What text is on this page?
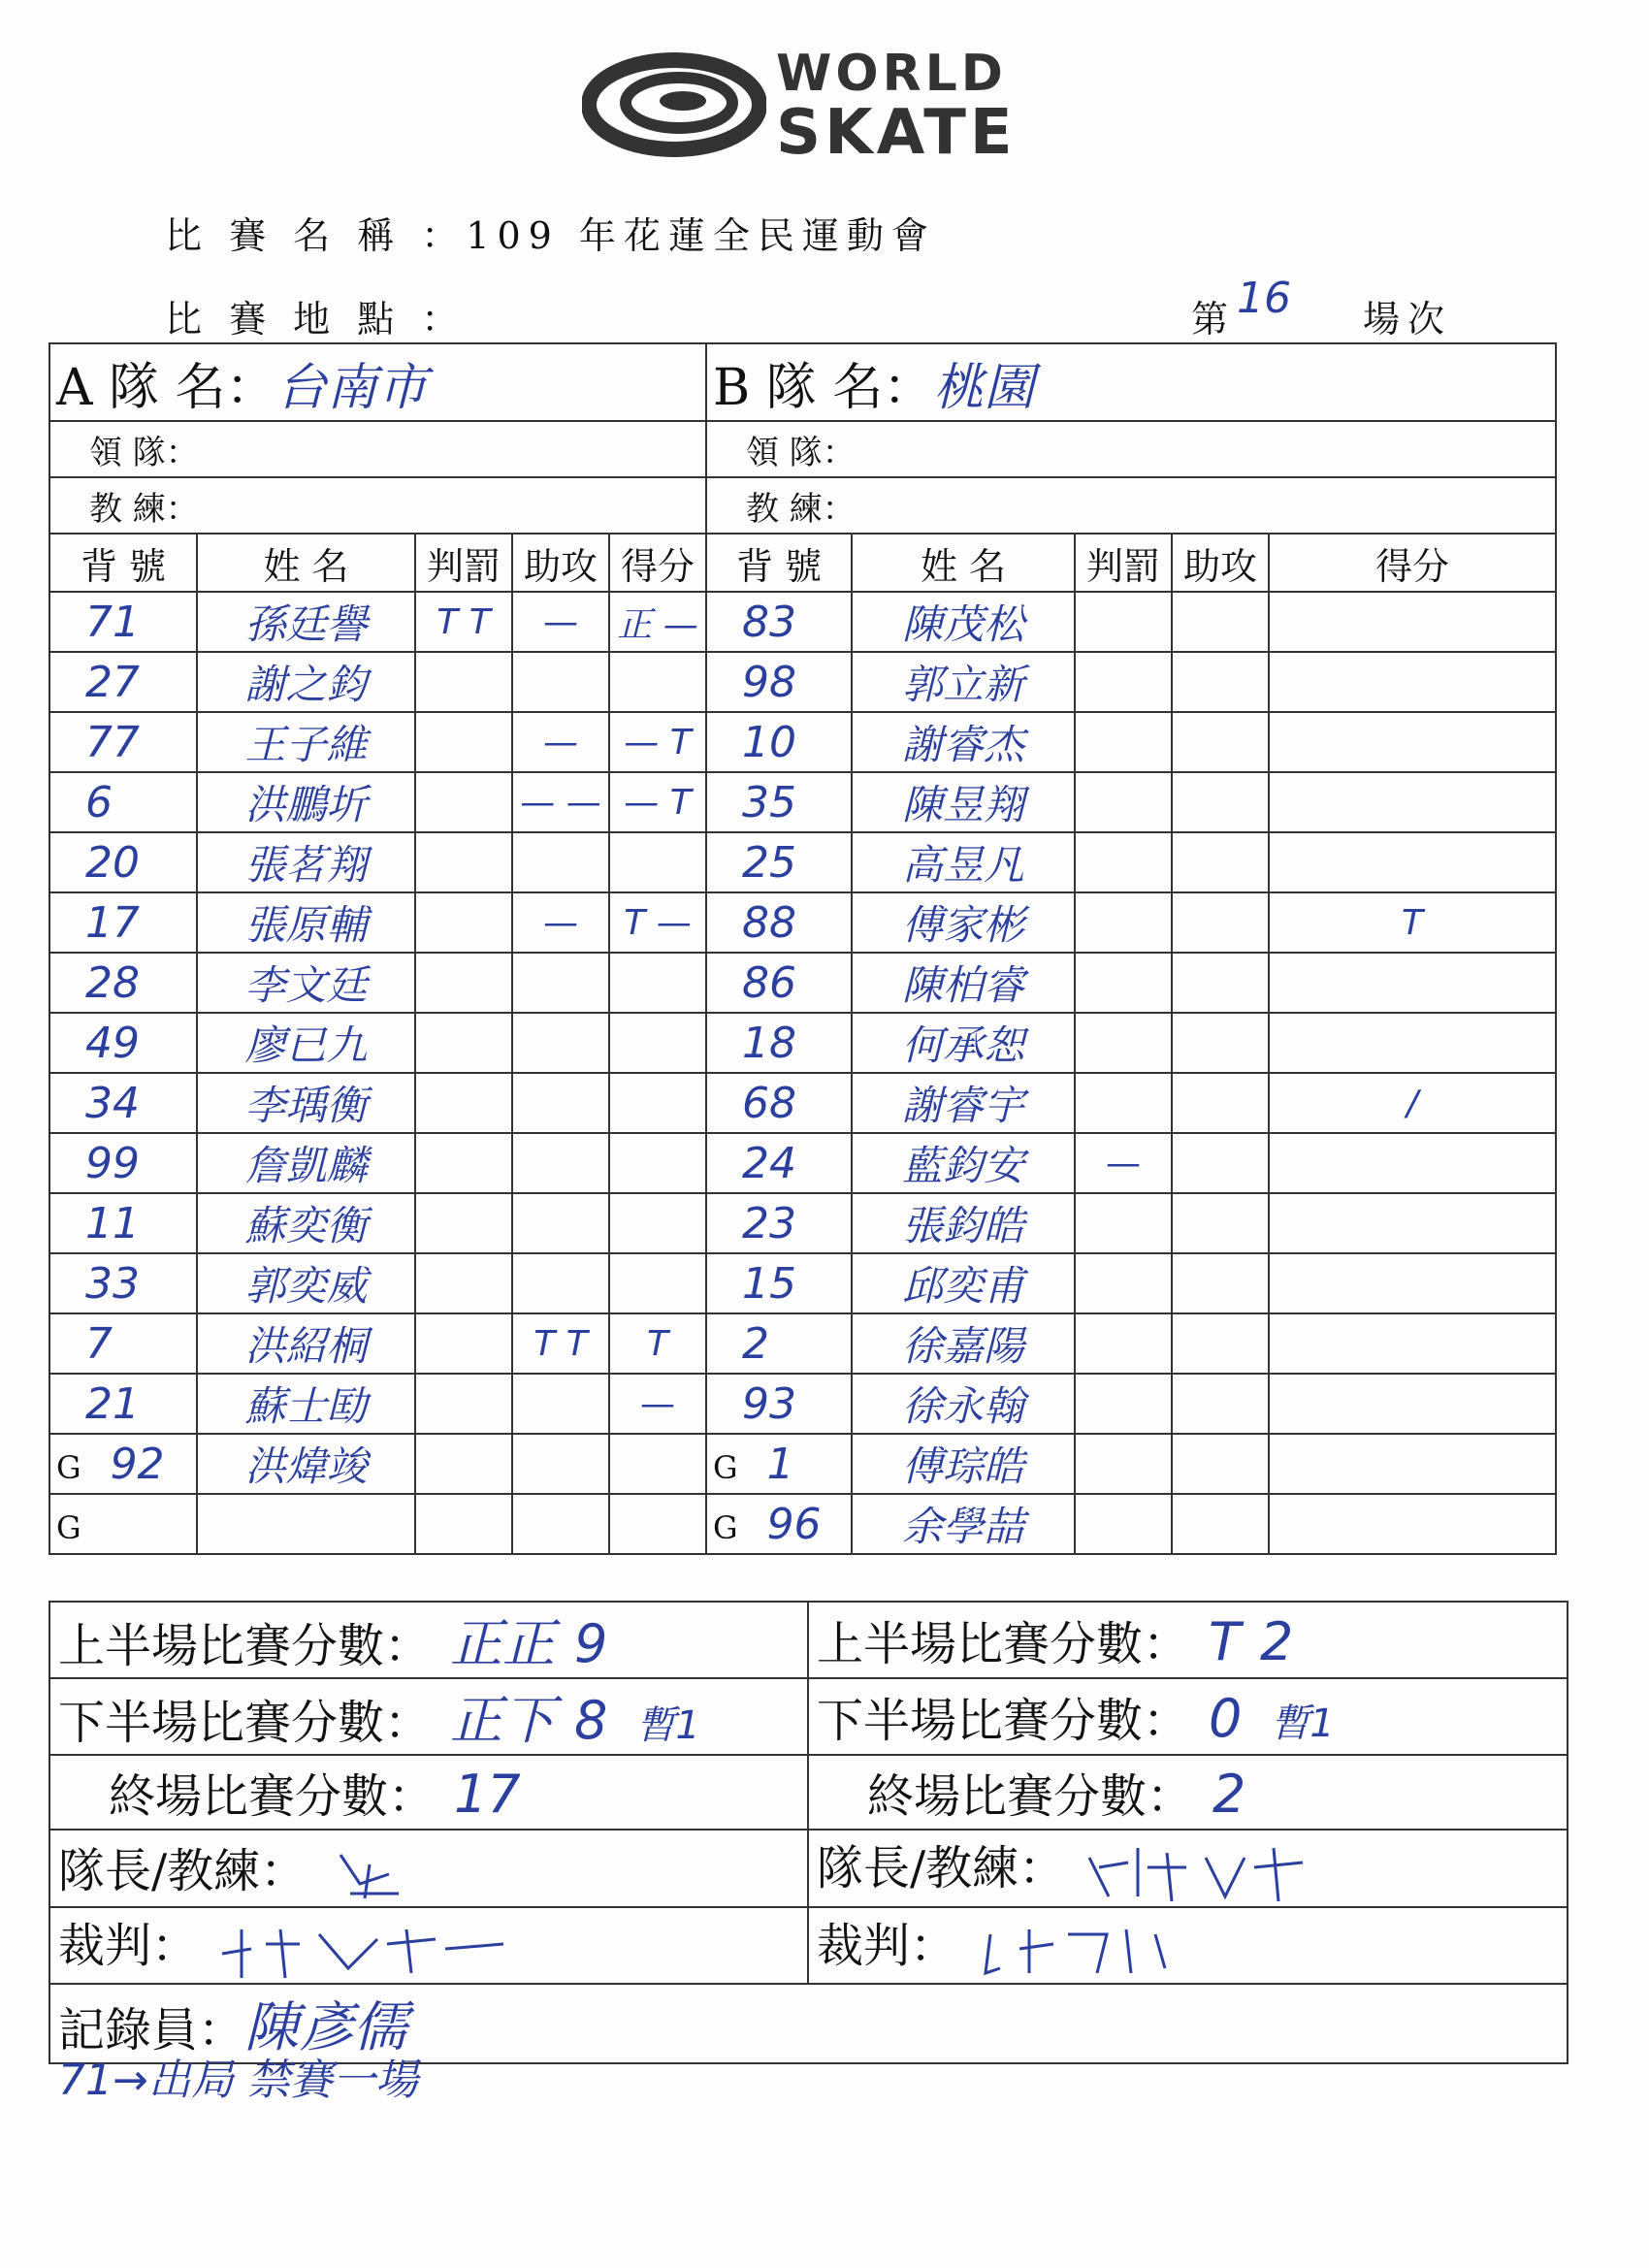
WORLD
SKATE
比 賽 名 稱 ：109 年花蓮全民運動會
比 賽 地 點 ：	第 16 場次
A 隊 名：台南市					B 隊 名：桃園				
領 隊：					領 隊：				
教 練：					教 練：				
背 號	姓 名	判罰	助攻	得分	背 號	姓 名	判罰	助攻	得分
71	孫廷譽	T T	—	正 —	83	陳茂松			
27	謝之鈞				98	郭立新			
77	王子維		—	— T	10	謝睿杰			
6	洪鵬圻		— —	— T	35	陳昱翔			
20	張茗翔				25	高昱凡			
17	張原輔		—	T —	88	傅家彬			T
28	李文廷				86	陳柏睿			
49	廖已九				18	何承恕			
34	李瑀衡				68	謝睿宇			/
99	詹凱麟				24	藍鈞安	—		
11	蘇奕衡				23	張鈞皓			
33	郭奕威				15	邱奕甫			
7	洪紹桐		T T	T	2	徐嘉陽			
21	蘇士劻			—	93	徐永翰			
G 92	洪煒竣				G 1	傅琮皓			
G					G 96	余學喆			
上半場比賽分數： 正正 9	上半場比賽分數： T 2
下半場比賽分數： 正下 8 暫1	下半場比賽分數： 0 暫1
終場比賽分數： 17	終場比賽分數： 2
隊長/教練：	隊長/教練：
裁判：	裁判：
記錄員：陳彥儒	
71→出局 禁賽一場
